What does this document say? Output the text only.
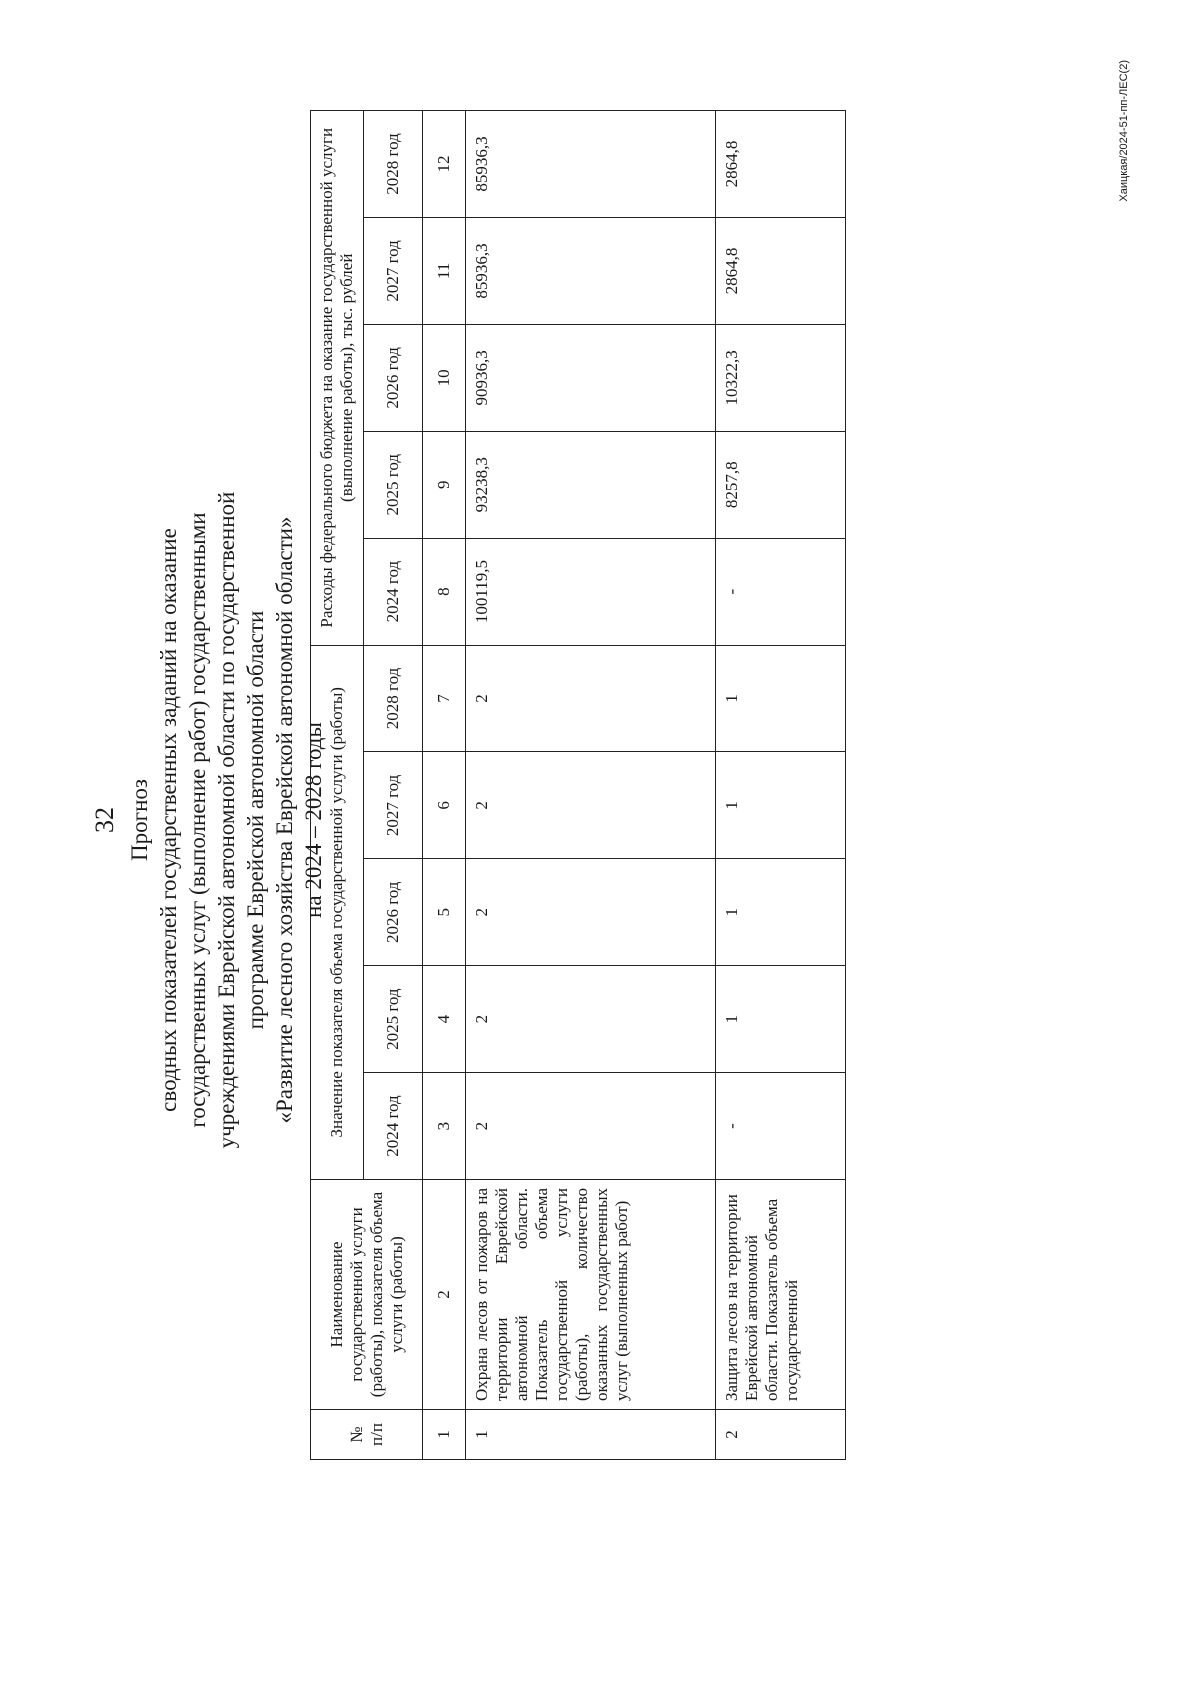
32 Прогноз сводных показателей государственных заданий на оказание государственных услуг (выполнение работ) государственными учреждениями Еврейской автономной области по государственной программе Еврейской автономной области «Развитие лесного хозяйства Еврейской автономной области» на 2024 – 2028 годы
№ п/п	Наименование государственной услуги (работы), показателя объема услуги (работы)	Значение показателя объема государственной услуги (работы)					Расходы федерального бюджета на оказание государственной услуги (выполнение работы), тыс. рублей				
		2024 год	2025 год	2026 год	2027 год	2028 год	2024 год	2025 год	2026 год	2027 год	2028 год
1	2	3	4	5	6	7	8	9	10	11	12
1	Охрана лесов от пожаров на территории Еврейской автономной области. Показатель объема государственной услуги (работы), количество оказанных государственных услуг (выполненных работ)	2	2	2	2	2	100119,5	93238,3	90936,3	85936,3	85936,3
2	Защита лесов на территории Еврейской автономной области. Показатель объема государственной	-	1	1	1	1	-	8257,8	10322,3	2864,8	2864,8	Хаицкая/2024-51-пп-ЛЕС(2)
